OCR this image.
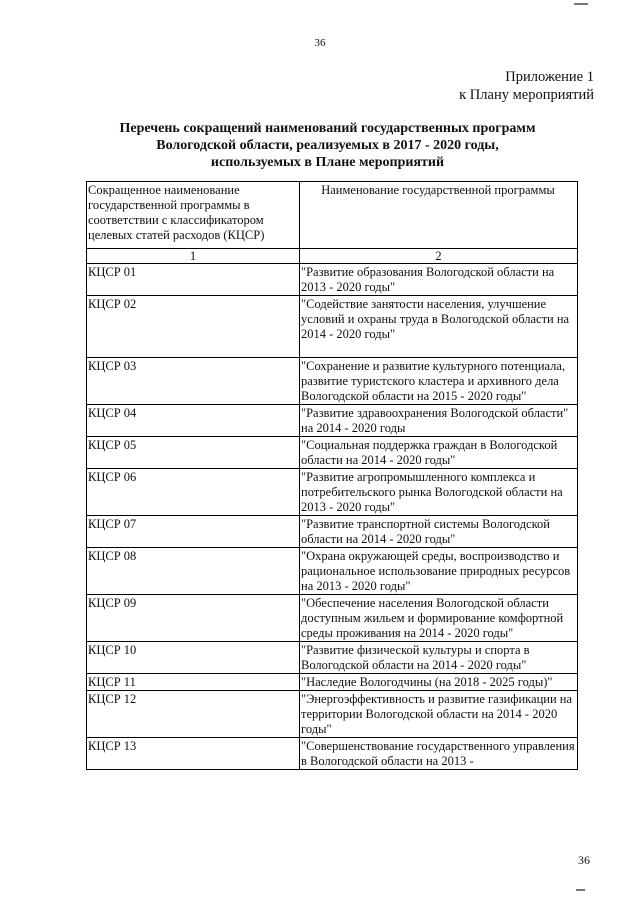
36
Приложение 1
к Плану мероприятий
Перечень сокращений наименований государственных программ
Вологодской области, реализуемых в 2017 - 2020 годы,
используемых в Плане мероприятий
Сокращенное наименование государственной программы в соответствии с классификатором целевых статей расходов (КЦСР)	Наименование государственной программы
1	2
КЦСР 01	"Развитие образования Вологодской области на 2013 - 2020 годы"
КЦСР 02	"Содействие занятости населения, улучшение условий и охраны труда в Вологодской области на 2014 - 2020 годы"
КЦСР 03	"Сохранение и развитие культурного потенциала, развитие туристского кластера и архивного дела Вологодской области на 2015 - 2020 годы"
КЦСР 04	"Развитие здравоохранения Вологодской области" на 2014 - 2020 годы
КЦСР 05	"Социальная поддержка граждан в Вологодской области на 2014 - 2020 годы"
КЦСР 06	"Развитие агропромышленного комплекса и потребительского рынка Вологодской области на 2013 - 2020 годы"
КЦСР 07	"Развитие транспортной системы Вологодской области на 2014 - 2020 годы"
КЦСР 08	"Охрана окружающей среды, воспроизводство и рациональное использование природных ресурсов на 2013 - 2020 годы"
КЦСР 09	"Обеспечение населения Вологодской области доступным жильем и формирование комфортной среды проживания на 2014 - 2020 годы"
КЦСР 10	"Развитие физической культуры и спорта в Вологодской области на 2014 - 2020 годы"
КЦСР 11	"Наследие Вологодчины (на 2018 - 2025 годы)"
КЦСР 12	"Энергоэффективность и развитие газификации на территории Вологодской области на 2014 - 2020 годы"
КЦСР 13	"Совершенствование государственного управления в Вологодской области на 2013 -
36
